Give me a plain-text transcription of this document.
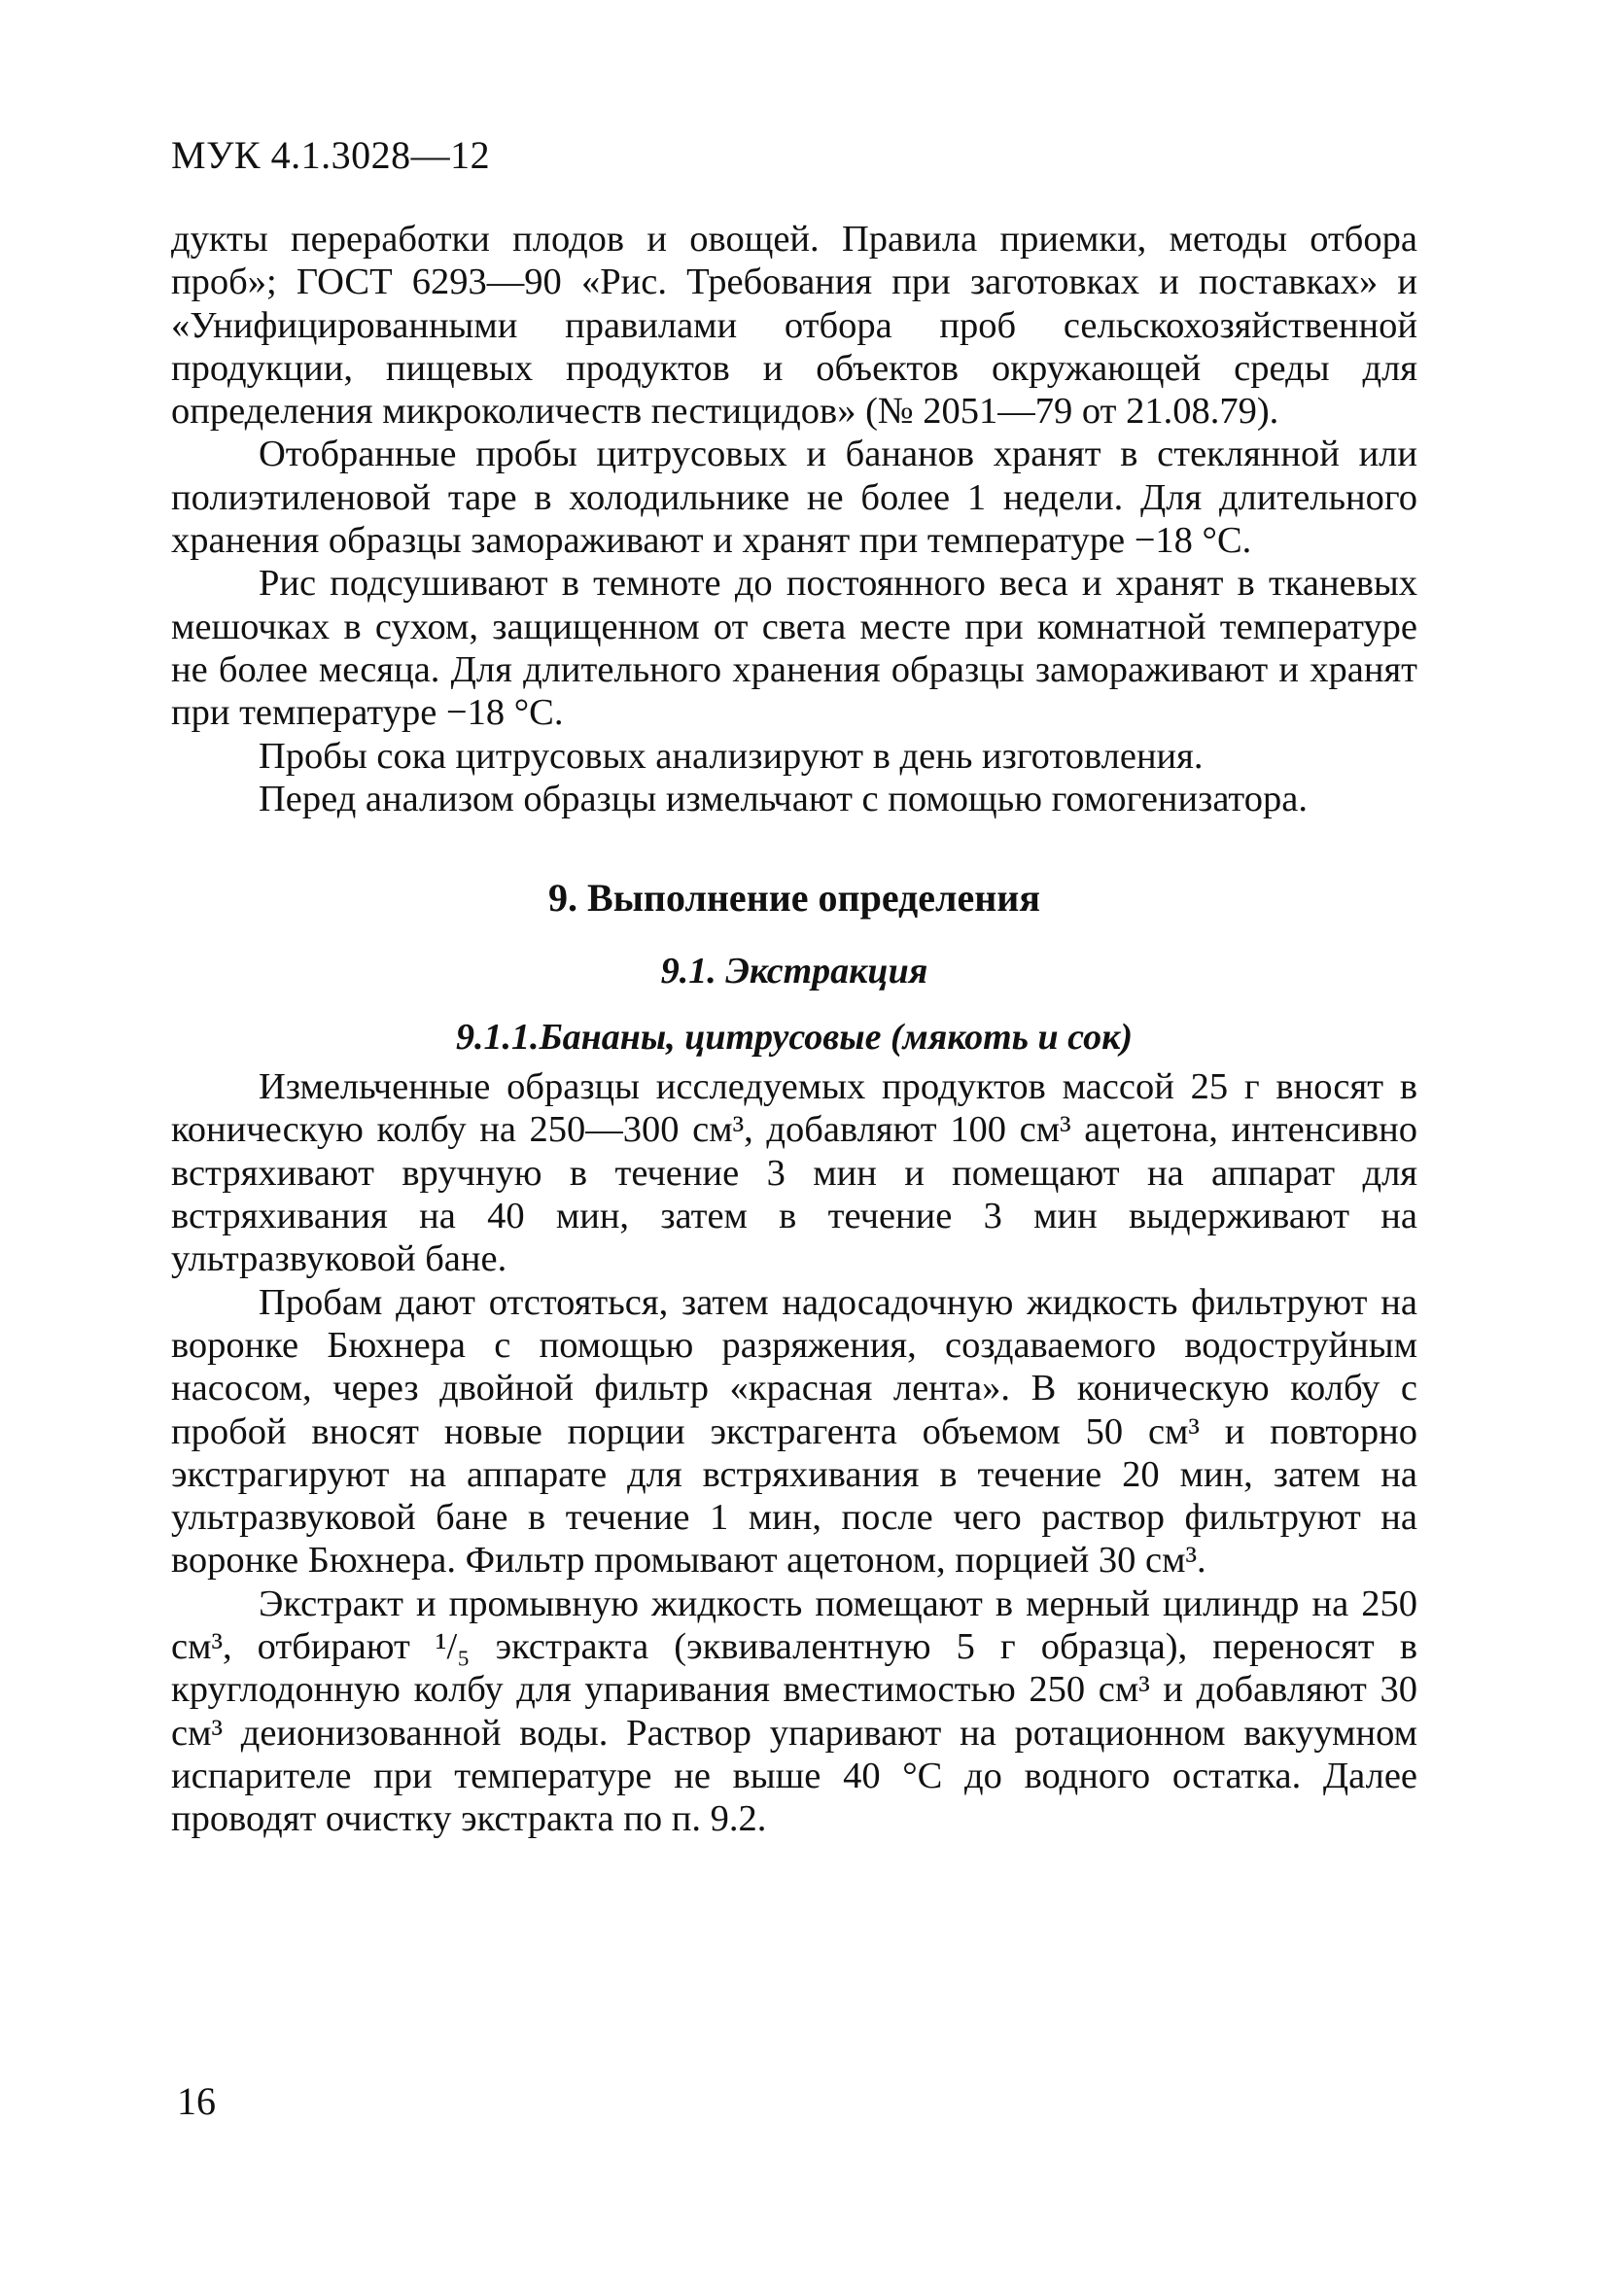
МУК 4.1.3028—12

дукты переработки плодов и овощей. Правила приемки, методы отбора проб»; ГОСТ 6293—90 «Рис. Требования при заготовках и поставках» и «Унифицированными правилами отбора проб сельскохозяйственной продукции, пищевых продуктов и объектов окружающей среды для определения микроколичеств пестицидов» (№ 2051—79 от 21.08.79).

Отобранные пробы цитрусовых и бананов хранят в стеклянной или полиэтиленовой таре в холодильнике не более 1 недели. Для длительного хранения образцы замораживают и хранят при температуре −18 °С.

Рис подсушивают в темноте до постоянного веса и хранят в тканевых мешочках в сухом, защищенном от света месте при комнатной температуре не более месяца. Для длительного хранения образцы замораживают и хранят при температуре −18 °С.

Пробы сока цитрусовых анализируют в день изготовления.

Перед анализом образцы измельчают с помощью гомогенизатора.

9. Выполнение определения
9.1. Экстракция
9.1.1.Бананы, цитрусовые (мякоть и сок)

Измельченные образцы исследуемых продуктов массой 25 г вносят в коническую колбу на 250—300 см³, добавляют 100 см³ ацетона, интенсивно встряхивают вручную в течение 3 мин и помещают на аппарат для встряхивания на 40 мин, затем в течение 3 мин выдерживают на ультразвуковой бане.

Пробам дают отстояться, затем надосадочную жидкость фильтруют на воронке Бюхнера с помощью разряжения, создаваемого водоструйным насосом, через двойной фильтр «красная лента». В коническую колбу с пробой вносят новые порции экстрагента объемом 50 см³ и повторно экстрагируют на аппарате для встряхивания в течение 20 мин, затем на ультразвуковой бане в течение 1 мин, после чего раствор фильтруют на воронке Бюхнера. Фильтр промывают ацетоном, порцией 30 см³.

Экстракт и промывную жидкость помещают в мерный цилиндр на 250 см³, отбирают ¹/₅ экстракта (эквивалентную 5 г образца), переносят в круглодонную колбу для упаривания вместимостью 250 см³ и добавляют 30 см³ деионизованной воды. Раствор упаривают на ротационном вакуумном испарителе при температуре не выше 40 °С до водного остатка. Далее проводят очистку экстракта по п. 9.2.

16
